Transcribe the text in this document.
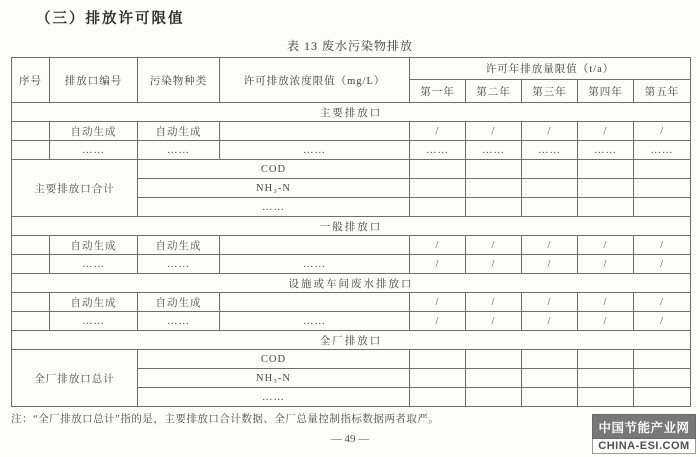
（三）排放许可限值
表 13 废水污染物排放
序号	排放口编号	污染物种类	许可排放浓度限值（mg/L）	许可年排放量限值（t/a）				
				第一年	第二年	第三年	第四年	第五年
主要排放口								
	自动生成	自动生成		/	/	/	/	/
	……	……	……	……	……	……	……	……
主要排放口合计		COD						
		NH₃-N						
		……						
一般排放口								
	自动生成	自动生成		/	/	/	/	/
	……	……	……	/	/	/	/	/
设施或车间废水排放口								
	自动生成	自动生成		/	/	/	/	/
	……	……	……	/	/	/	/	/
全厂排放口								
全厂排放口总计		COD						
		NH₃-N						
		……						
注：“全厂排放口总计”指的是，主要排放口合计数据、全厂总量控制指标数据两者取严。
— 49 —
中国节能产业网
CHINA-ESI.COM
